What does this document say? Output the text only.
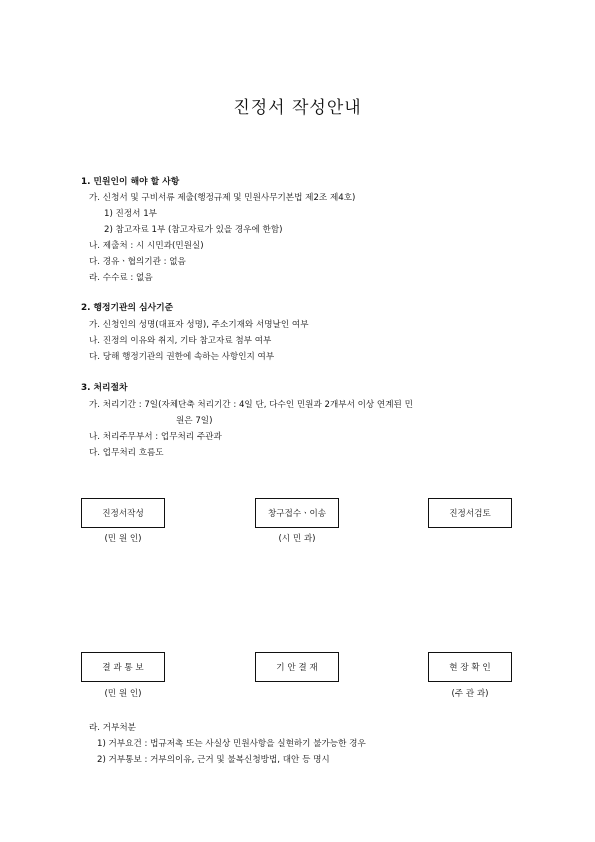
진정서 작성안내
1. 민원인이 해야 할 사항
가. 신청서 및 구비서류 제출(행정규제 및 민원사무기본법 제2조 제4호)
1) 진정서 1부
2) 참고자료 1부 (참고자료가 있을 경우에 한함)
나. 제출처 : 시 시민과(민원실)
다. 경유ㆍ협의기관 : 없음
라. 수수료 : 없음
2. 행정기관의 심사기준
가. 신청인의 성명(대표자 성명), 주소기재와 서명날인 여부
나. 진정의 이유와 취지, 기타 참고자료 첨부 여부
다. 당해 행정기관의 권한에 속하는 사항인지 여부
3. 처리절차
가. 처리기간 : 7일(자체단축 처리기간 : 4일 단, 다수인 민원과 2개부서 이상 연계된 민
원은 7일)
나. 처리주무부서 : 업무처리 주관과
다. 업무처리 흐름도
진정서작성
(민 원 인)
창구접수ㆍ이송
(시 민 과)
진정서검토
결 과 통 보
(민 원 인)
기 안 결 재	현 장 확 인
(주 관 과)
라. 거부처분
1) 거부요건 : 법규저촉 또는 사실상 민원사항을 실현하기 불가능한 경우
2) 거부통보 : 거부의이유, 근거 및 불복신청방법, 대안 등 명시
